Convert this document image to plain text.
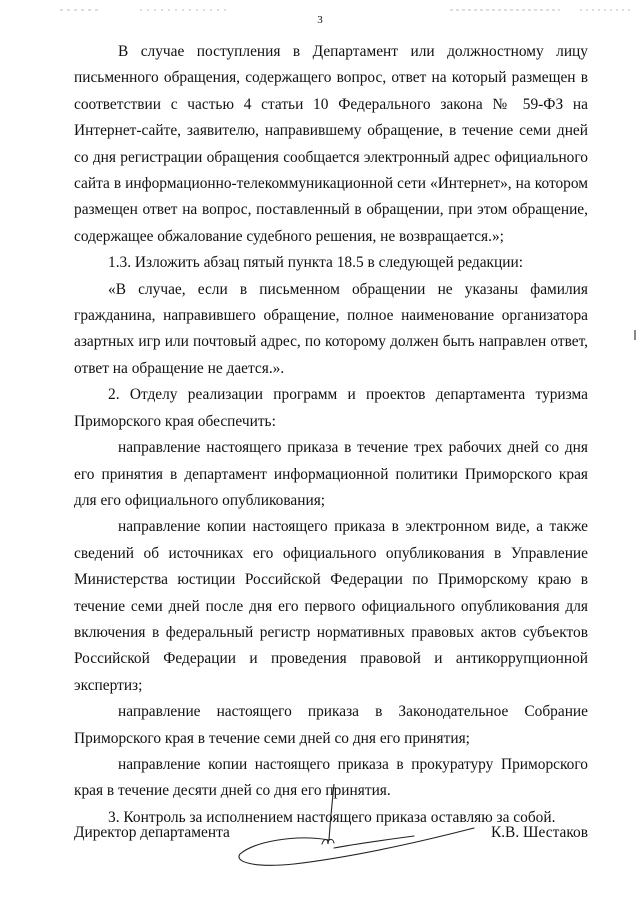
3

В случае поступления в Департамент или должностному лицу письменного обращения, содержащего вопрос, ответ на который размещен в соответствии с частью 4 статьи 10 Федерального закона № 59-ФЗ на Интернет-сайте, заявителю, направившему обращение, в течение семи дней со дня регистрации обращения сообщается электронный адрес официального сайта в информационно-телекоммуникационной сети «Интернет», на котором размещен ответ на вопрос, поставленный в обращении, при этом обращение, содержащее обжалование судебного решения, не возвращается.»;

1.3. Изложить абзац пятый пункта 18.5 в следующей редакции:

«В случае, если в письменном обращении не указаны фамилия гражданина, направившего обращение, полное наименование организатора азартных игр или почтовый адрес, по которому должен быть направлен ответ, ответ на обращение не дается.».

2. Отделу реализации программ и проектов департамента туризма Приморского края обеспечить:

направление настоящего приказа в течение трех рабочих дней со дня его принятия в департамент информационной политики Приморского края для его официального опубликования;

направление копии настоящего приказа в электронном виде, а также сведений об источниках его официального опубликования в Управление Министерства юстиции Российской Федерации по Приморскому краю в течение семи дней после дня его первого официального опубликования для включения в федеральный регистр нормативных правовых актов субъектов Российской Федерации и проведения правовой и антикоррупционной экспертиз;

направление настоящего приказа в Законодательное Собрание Приморского края в течение семи дней со дня его принятия;

направление копии настоящего приказа в прокуратуру Приморского края в течение десяти дней со дня его принятия.

3. Контроль за исполнением настоящего приказа оставляю за собой.

Директор департамента	К.В. Шестаков
